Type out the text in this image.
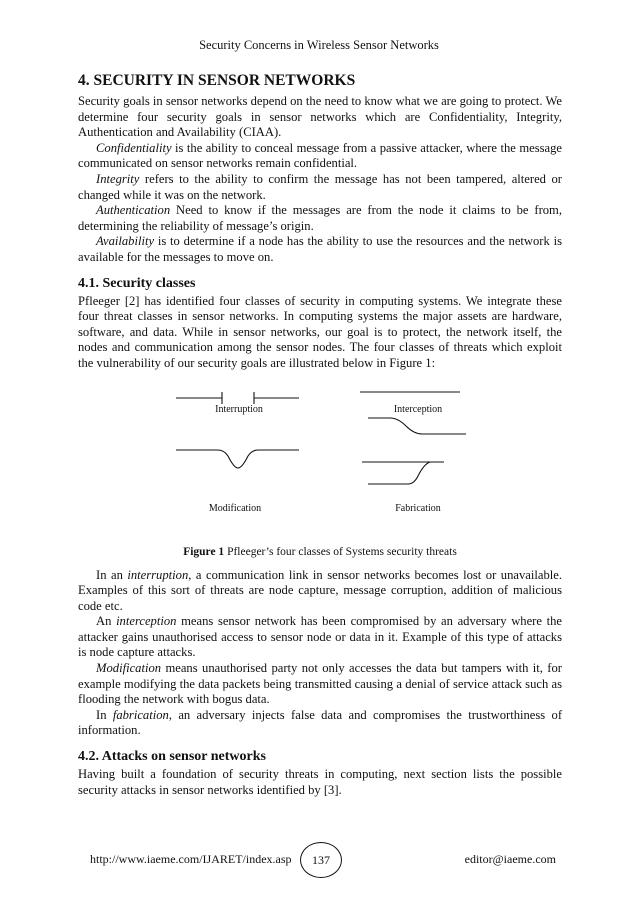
Security Concerns in Wireless Sensor Networks
4. SECURITY IN SENSOR NETWORKS

Security goals in sensor networks depend on the need to know what we are going to protect. We determine four security goals in sensor networks which are Confidentiality, Integrity, Authentication and Availability (CIAA).

Confidentiality is the ability to conceal message from a passive attacker, where the message communicated on sensor networks remain confidential.

Integrity refers to the ability to confirm the message has not been tampered, altered or changed while it was on the network.

Authentication Need to know if the messages are from the node it claims to be from, determining the reliability of message’s origin.

Availability is to determine if a node has the ability to use the resources and the network is available for the messages to move on.

4.1. Security classes

Pfleeger [2] has identified four classes of security in computing systems. We integrate these four threat classes in sensor networks. In computing systems the major assets are hardware, software, and data. While in sensor networks, our goal is to protect, the network itself, the nodes and communication among the sensor nodes. The four classes of threats which exploit the vulnerability of our security goals are illustrated below in Figure 1:

Interruption	Interception
Modification	Fabrication
Figure 1 Pfleeger’s four classes of Systems security threats

In an interruption, a communication link in sensor networks becomes lost or unavailable. Examples of this sort of threats are node capture, message corruption, addition of malicious code etc.

An interception means sensor network has been compromised by an adversary where the attacker gains unauthorised access to sensor node or data in it. Example of this type of attacks is node capture attacks.

Modification means unauthorised party not only accesses the data but tampers with it, for example modifying the data packets being transmitted causing a denial of service attack such as flooding the network with bogus data.

In fabrication, an adversary injects false data and compromises the trustworthiness of information.

4.2. Attacks on sensor networks

Having built a foundation of security threats in computing, next section lists the possible security attacks in sensor networks identified by [3].

http://www.iaeme.com/IJARET/index.asp	137	editor@iaeme.com
